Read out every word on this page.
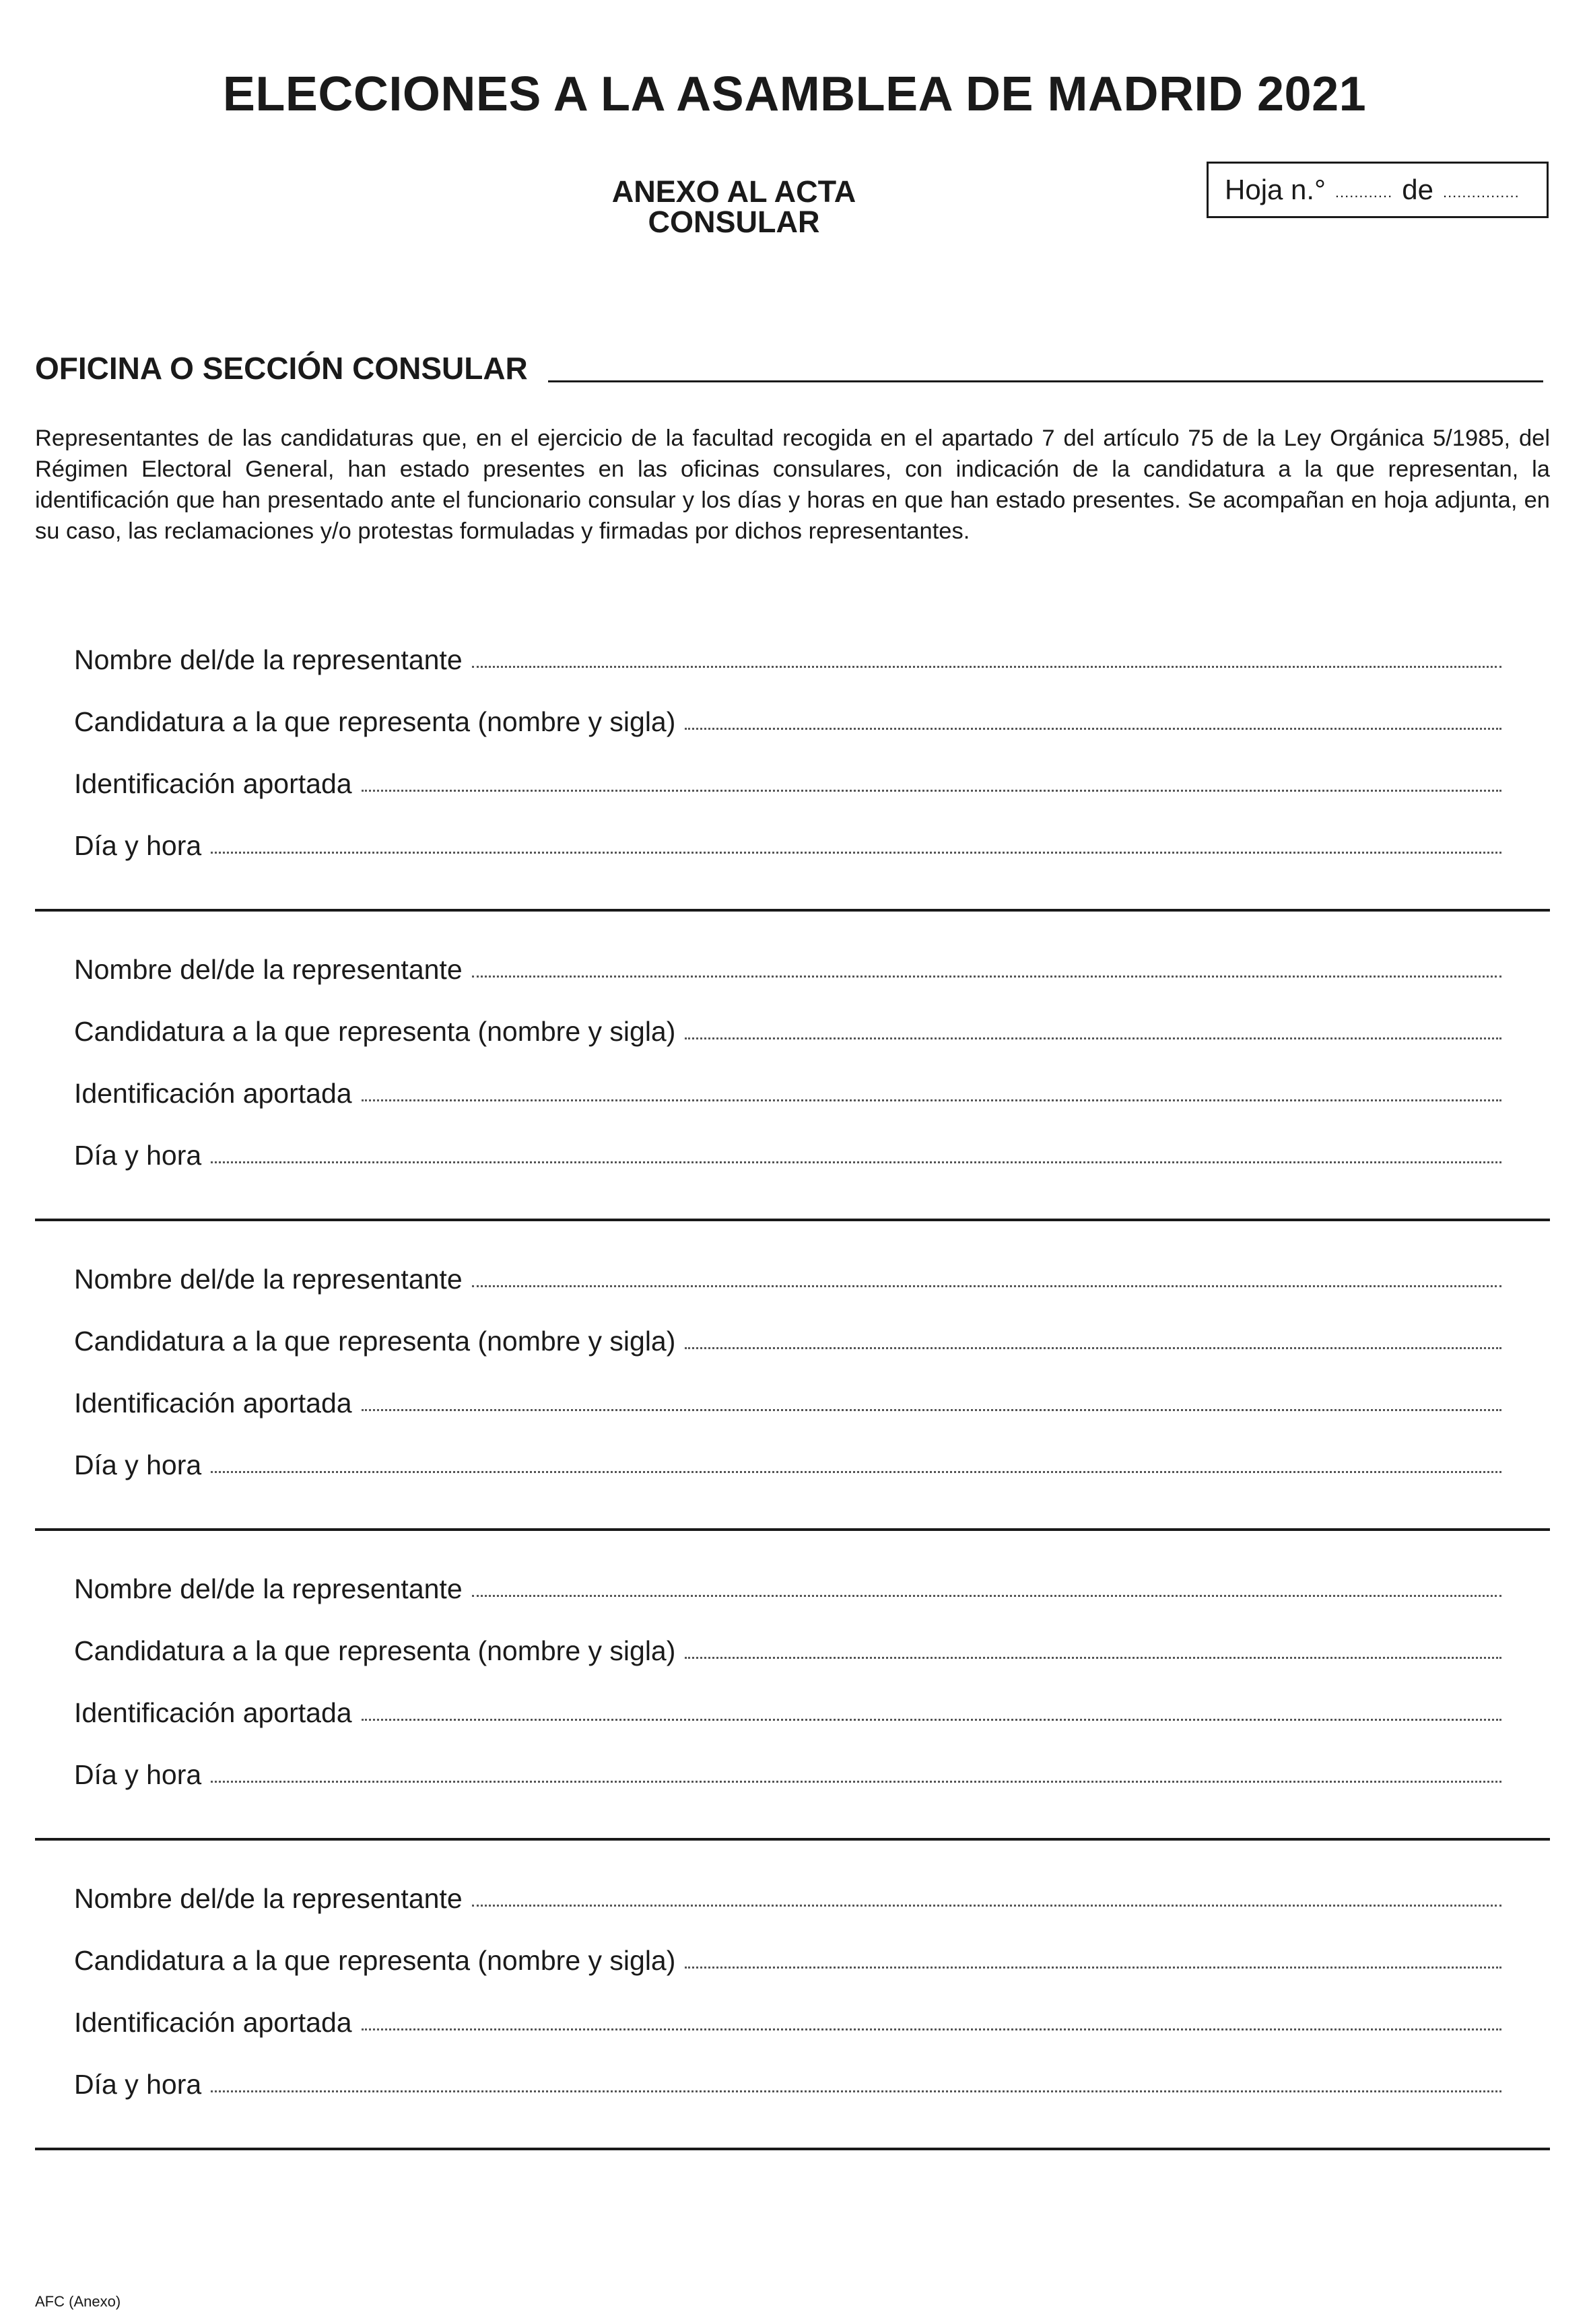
ELECCIONES A LA ASAMBLEA DE MADRID 2021
ANEXO AL ACTA CONSULAR
Hoja n.° ............ de ................
OFICINA O SECCIÓN CONSULAR
Representantes de las candidaturas que, en el ejercicio de la facultad recogida en el apartado 7 del artículo 75 de la Ley Orgánica 5/1985, del Régimen Electoral General, han estado presentes en las oficinas consulares, con indicación de la candidatura a la que representan, la identificación que han presentado ante el funcionario consular y los días y horas en que han estado presentes. Se acompañan en hoja adjunta, en su caso, las reclamaciones y/o protestas formuladas y firmadas por dichos representantes.
Nombre del/de la representante
Candidatura a la que representa (nombre y sigla)
Identificación aportada
Día y hora
Nombre del/de la representante
Candidatura a la que representa (nombre y sigla)
Identificación aportada
Día y hora
Nombre del/de la representante
Candidatura a la que representa (nombre y sigla)
Identificación aportada
Día y hora
Nombre del/de la representante
Candidatura a la que representa (nombre y sigla)
Identificación aportada
Día y hora
Nombre del/de la representante
Candidatura a la que representa (nombre y sigla)
Identificación aportada
Día y hora
AFC (Anexo)
